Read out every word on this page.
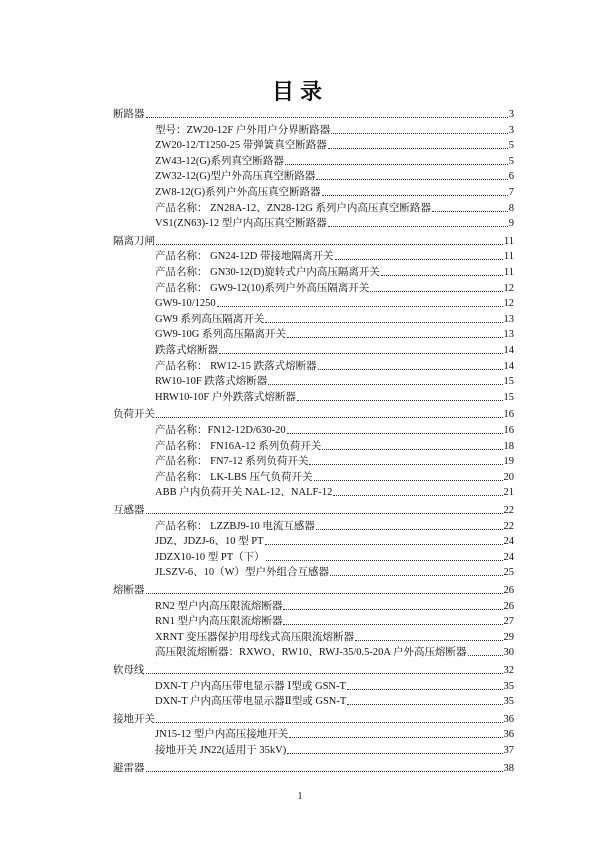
目录
断路器	3
型号：ZW20-12F 户外用户分界断路器	3
ZW20-12/T1250-25 带弹簧真空断路器	5
ZW43-12(G)系列真空断路器	5
ZW32-12(G)型户外高压真空断路器	6
ZW8-12(G)系列户外高压真空断路器	7
产品名称： ZN28A-12、ZN28-12G 系列户内高压真空断路器	8
VS1(ZN63)-12 型户内高压真空断路器	9
隔离刀闸	11
产品名称： GN24-12D 带接地隔离开关	11
产品名称： GN30-12(D)旋转式户内高压隔离开关	11
产品名称： GW9-12(10)系列户外高压隔离开关	12
GW9-10/1250	12
GW9 系列高压隔离开关	13
GW9-10G 系列高压隔离开关	13
跌落式熔断器	14
产品名称： RW12-15 跌落式熔断器	14
RW10-10F 跌落式熔断器	15
HRW10-10F 户外跌落式熔断器	15
负荷开关	16
产品名称：FN12-12D/630-20	16
产品名称： FN16A-12 系列负荷开关	18
产品名称： FN7-12 系列负荷开关	19
产品名称： LK-LBS 压气负荷开关	20
ABB 户内负荷开关 NAL-12、NALF-12	21
互感器	22
产品名称： LZZBJ9-10 电流互感器	22
JDZ、JDZJ-6、10 型 PT	24
JDZX10-10 型 PT（下）	24
JLSZV-6、10（W）型户外组合互感器	25
熔断器	26
RN2 型户内高压限流熔断器	26
RN1 型户内高压限流熔断器	27
XRNT 变压器保护用母线式高压限流熔断器	29
高压限流熔断器：RXWO、RW10、RWJ-35/0.5-20A 户外高压熔断器	30
软母线	32
DXN-T 户内高压带电显示器 Ⅰ型或 GSN-T	35
DXN-T 户内高压带电显示器Ⅱ型或 GSN-T	35
接地开关	36
JN15-12 型户内高压接地开关	36
接地开关 JN22(适用于 35kV)	37
避雷器	38
1
